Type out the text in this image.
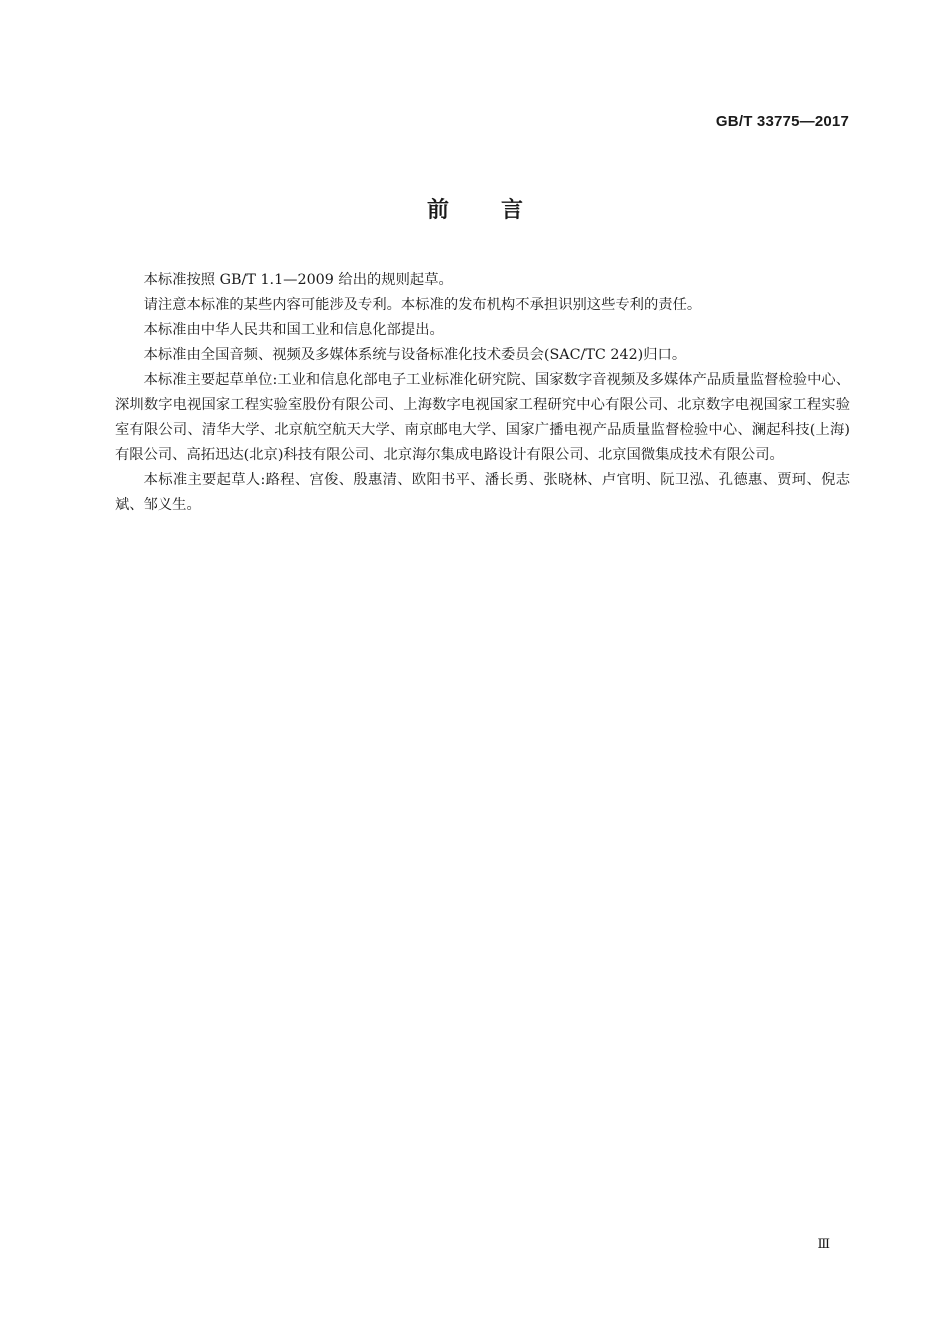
GB/T 33775—2017
前 言

本标准按照 GB/T 1.1—2009 给出的规则起草。

请注意本标准的某些内容可能涉及专利。本标准的发布机构不承担识别这些专利的责任。

本标准由中华人民共和国工业和信息化部提出。

本标准由全国音频、视频及多媒体系统与设备标准化技术委员会(SAC/TC 242)归口。

本标准主要起草单位:工业和信息化部电子工业标准化研究院、国家数字音视频及多媒体产品质量监督检验中心、深圳数字电视国家工程实验室股份有限公司、上海数字电视国家工程研究中心有限公司、北京数字电视国家工程实验室有限公司、清华大学、北京航空航天大学、南京邮电大学、国家广播电视产品质量监督检验中心、澜起科技(上海)有限公司、高拓迅达(北京)科技有限公司、北京海尔集成电路设计有限公司、北京国微集成技术有限公司。

本标准主要起草人:路程、宫俊、殷惠清、欧阳书平、潘长勇、张晓林、卢官明、阮卫泓、孔德惠、贾珂、倪志斌、邹义生。

Ⅲ
